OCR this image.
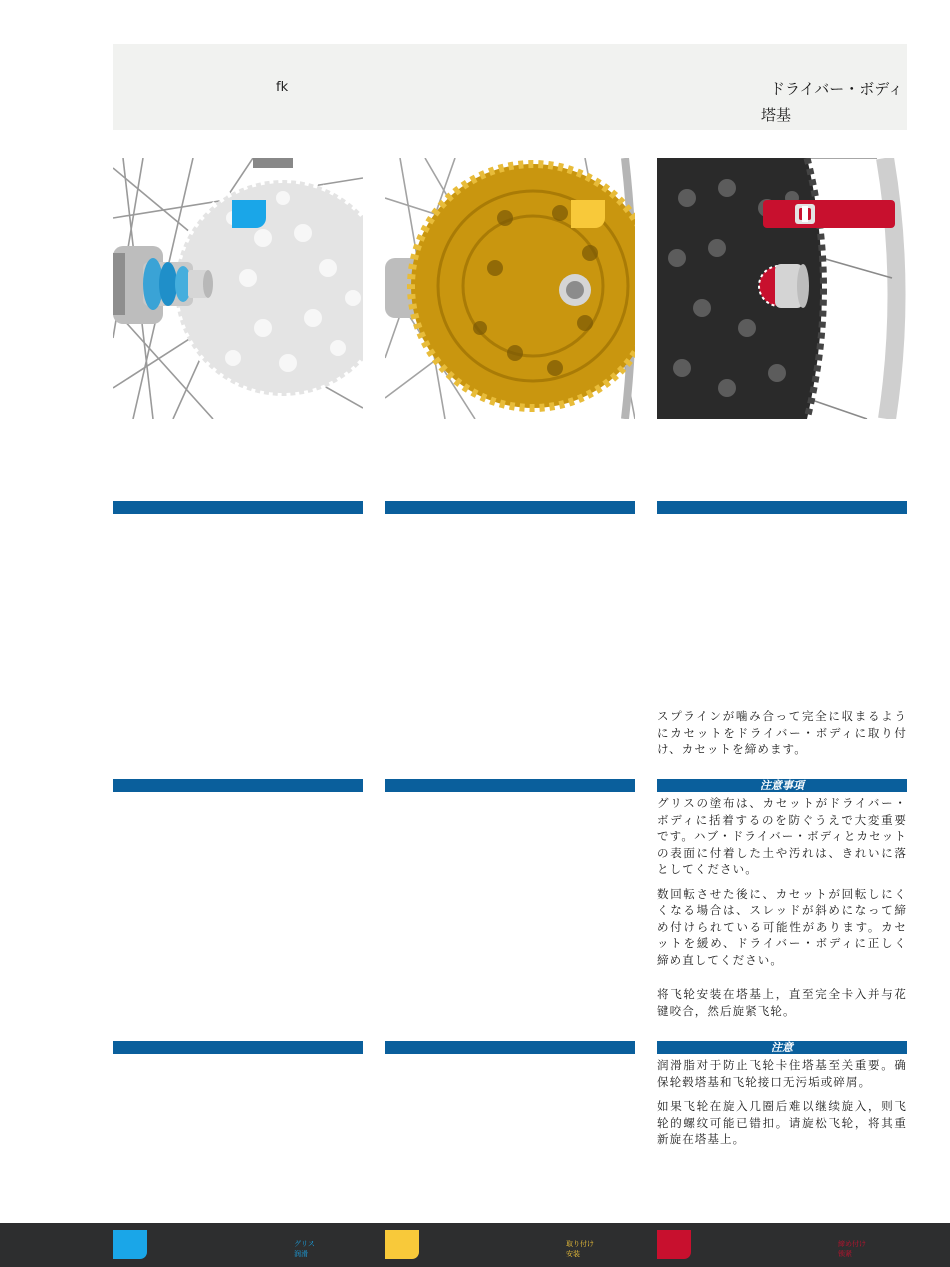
fk	ドライバー・ボディ
塔基
スプラインが噛み合って完全に収まるようにカセットをドライバー・ボディに取り付け、カセットを締めます。
注意事項

グリスの塗布は、カセットがドライバー・ボディに括着するのを防ぐうえで大変重要です。ハブ・ドライバー・ボディとカセットの表面に付着した土や汚れは、きれいに落としてください。

数回転させた後に、カセットが回転しにくくなる場合は、スレッドが斜めになって締め付けられている可能性があります。カセットを緩め、ドライバー・ボディに正しく締め直してください。

将飞轮安装在塔基上，直至完全卡入并与花键咬合，然后旋紧飞轮。
注意

润滑脂对于防止飞轮卡住塔基至关重要。确保轮毂塔基和飞轮接口无污垢或碎屑。

如果飞轮在旋入几圈后难以继续旋入，则飞轮的螺纹可能已错扣。请旋松飞轮，将其重新旋在塔基上。

グリス
润滑
取り付け
安装
締め付け
锁紧
